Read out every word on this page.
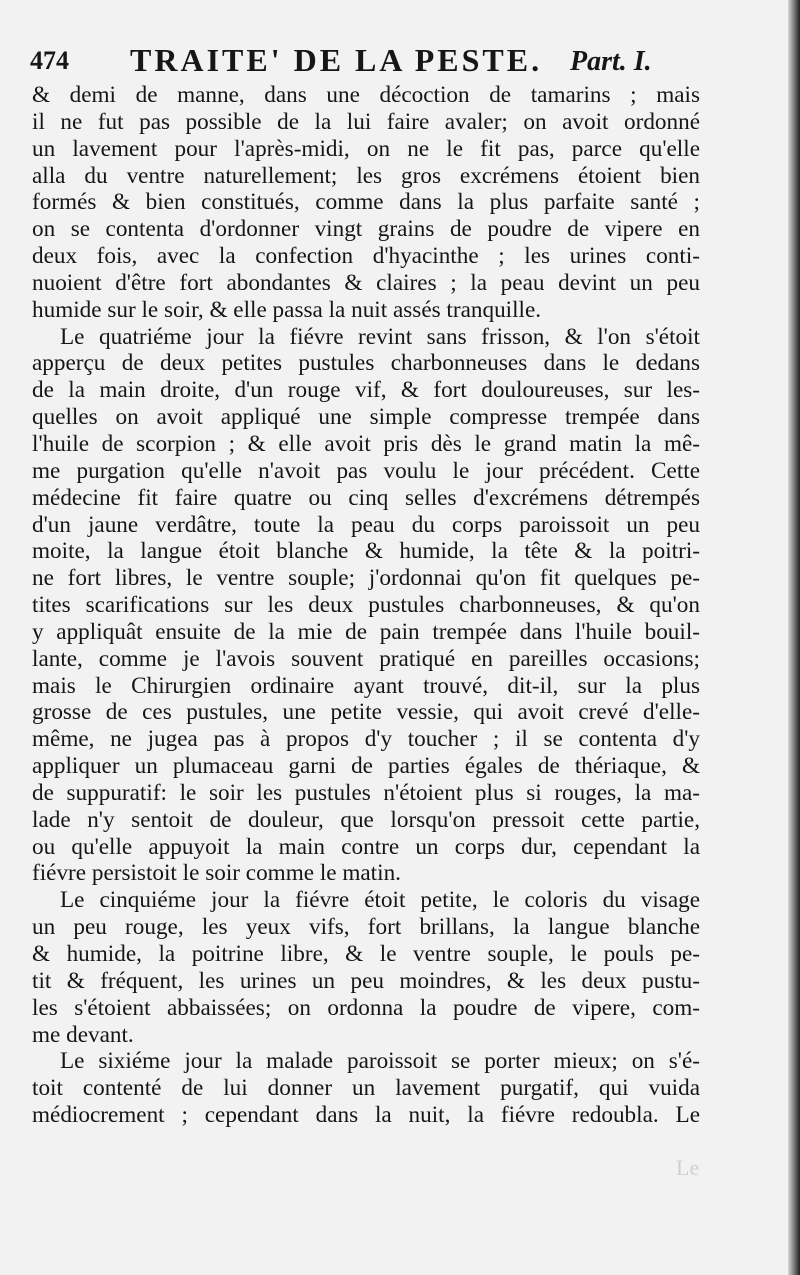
474 TRAITE' DE LA PESTE. Part. I.
& demi de manne, dans une décoction de tamarins ; mais
il ne fut pas possible de la lui faire avaler; on avoit ordonné
un lavement pour l'après-midi, on ne le fit pas, parce qu'elle
alla du ventre naturellement; les gros excrémens étoient bien
formés & bien constitués, comme dans la plus parfaite santé ;
on se contenta d'ordonner vingt grains de poudre de vipere en
deux fois, avec la confection d'hyacinthe ; les urines conti-
nuoient d'être fort abondantes & claires ; la peau devint un peu
humide sur le soir, & elle passa la nuit assés tranquille.
Le quatriéme jour la fiévre revint sans frisson, & l'on s'étoit
apperçu de deux petites pustules charbonneuses dans le dedans
de la main droite, d'un rouge vif, & fort douloureuses, sur les-
quelles on avoit appliqué une simple compresse trempée dans
l'huile de scorpion ; & elle avoit pris dès le grand matin la mê-
me purgation qu'elle n'avoit pas voulu le jour précédent. Cette
médecine fit faire quatre ou cinq selles d'excrémens détrempés
d'un jaune verdâtre, toute la peau du corps paroissoit un peu
moite, la langue étoit blanche & humide, la tête & la poitri-
ne fort libres, le ventre souple; j'ordonnai qu'on fit quelques pe-
tites scarifications sur les deux pustules charbonneuses, & qu'on
y appliquât ensuite de la mie de pain trempée dans l'huile bouil-
lante, comme je l'avois souvent pratiqué en pareilles occasions;
mais le Chirurgien ordinaire ayant trouvé, dit-il, sur la plus
grosse de ces pustules, une petite vessie, qui avoit crevé d'elle-
même, ne jugea pas à propos d'y toucher ; il se contenta d'y
appliquer un plumaceau garni de parties égales de thériaque, &
de suppuratif: le soir les pustules n'étoient plus si rouges, la ma-
lade n'y sentoit de douleur, que lorsqu'on pressoit cette partie,
ou qu'elle appuyoit la main contre un corps dur, cependant la
fiévre persistoit le soir comme le matin.
Le cinquiéme jour la fiévre étoit petite, le coloris du visage
un peu rouge, les yeux vifs, fort brillans, la langue blanche
& humide, la poitrine libre, & le ventre souple, le pouls pe-
tit & fréquent, les urines un peu moindres, & les deux pustu-
les s'étoient abbaissées; on ordonna la poudre de vipere, com-
me devant.
Le sixiéme jour la malade paroissoit se porter mieux; on s'é-
toit contenté de lui donner un lavement purgatif, qui vuida
médiocrement ; cependant dans la nuit, la fiévre redoubla. Le
Le
